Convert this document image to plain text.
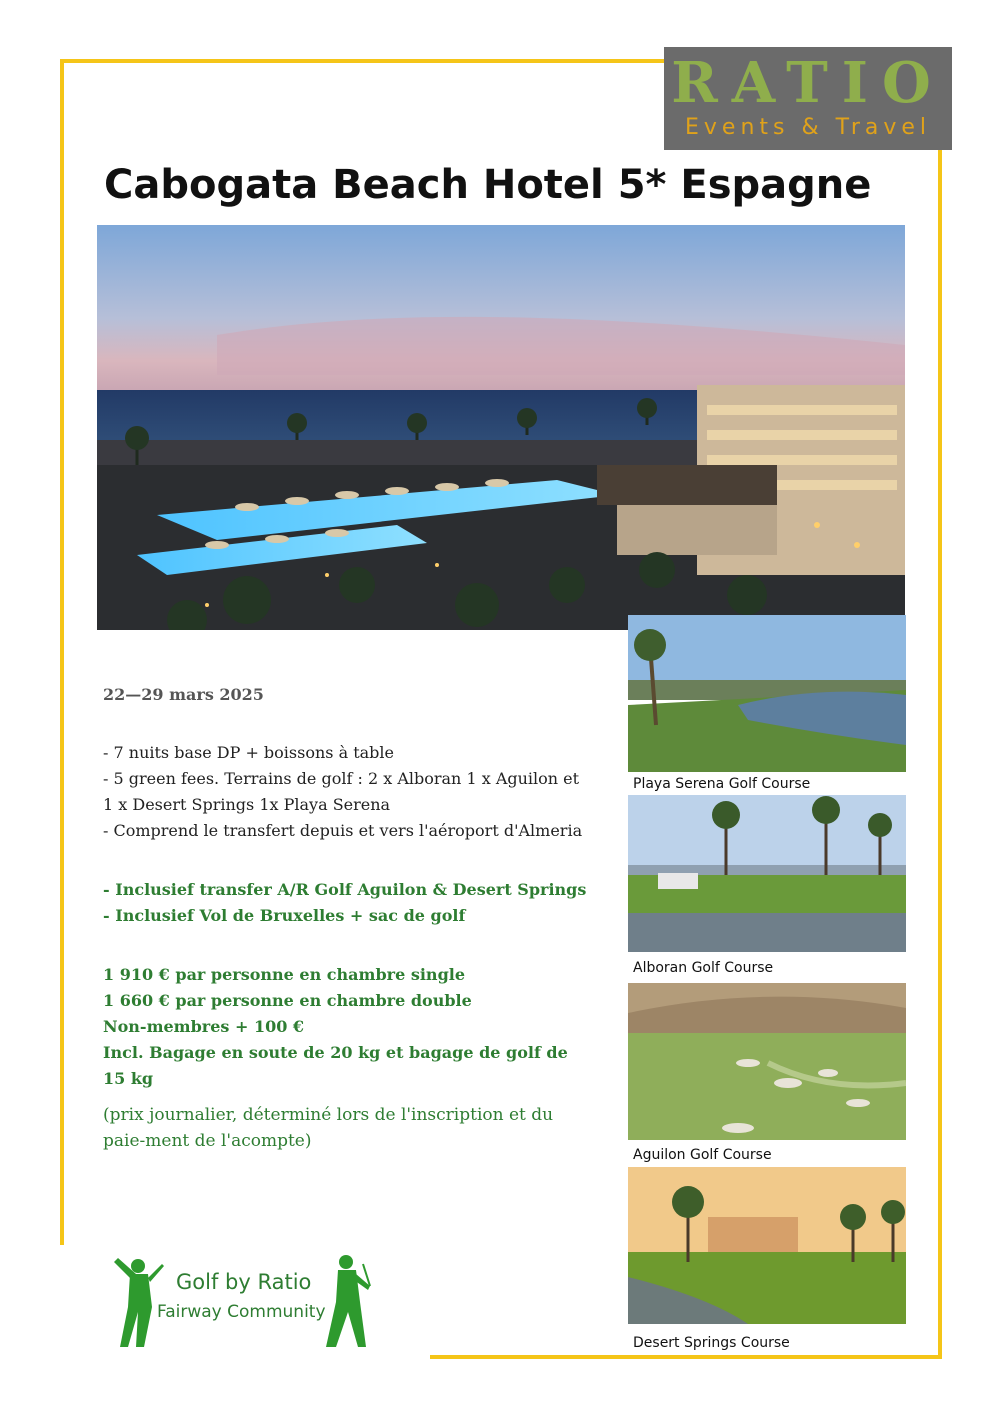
RATIO
Events & Travel
Cabogata Beach Hotel 5* Espagne
Playa Serena Golf Course
Alboran Golf Course
Aguilon Golf Course
Desert Springs Course
22—29 mars 2025
- 7 nuits base DP + boissons à table
- 5 green fees. Terrains de golf : 2 x Alboran 1 x Aguilon et
1 x Desert Springs 1x Playa Serena
- Comprend le transfert depuis et vers l'aéroport d'Almeria
- Inclusief transfer A/R Golf Aguilon & Desert Springs
- Inclusief Vol de Bruxelles + sac de golf
1 910 € par personne en chambre single
1 660 € par personne en chambre double
Non-membres + 100 €
Incl. Bagage en soute de 20 kg et bagage de golf de 15 kg
(prix journalier, déterminé lors de l'inscription et du paie-ment de l'acompte)
Golf by Ratio
Fairway Community
